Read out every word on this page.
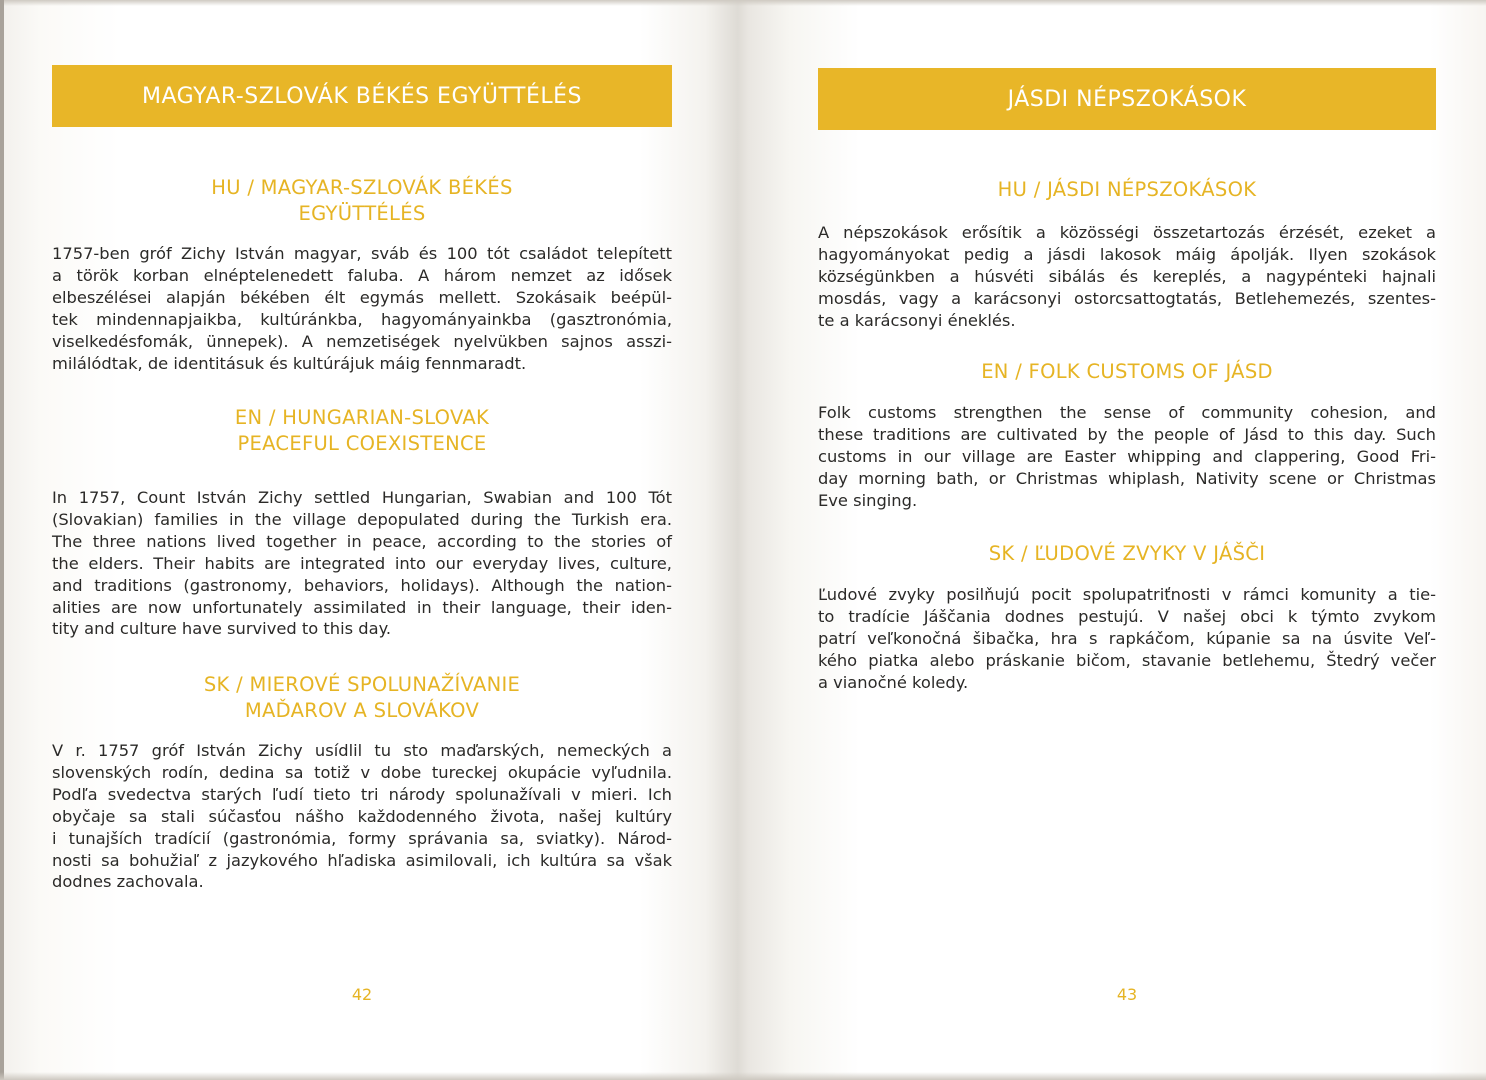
MAGYAR-SZLOVÁK BÉKÉS EGYÜTTÉLÉS
HU / MAGYAR-SZLOVÁK BÉKÉS
EGYÜTTÉLÉS
1757-ben gróf Zichy István magyar, sváb és 100 tót családot telepített
a török korban elnéptelenedett faluba. A három nemzet az idősek
elbeszélései alapján békében élt egymás mellett. Szokásaik beépül-
tek mindennapjaikba, kultúránkba, hagyományainkba (gasztronómia,
viselkedésfomák, ünnepek). A nemzetiségek nyelvükben sajnos asszi-
milálódtak, de identitásuk és kultúrájuk máig fennmaradt.
EN / HUNGARIAN-SLOVAK
PEACEFUL COEXISTENCE
In 1757, Count István Zichy settled Hungarian, Swabian and 100 Tót
(Slovakian) families in the village depopulated during the Turkish era.
The three nations lived together in peace, according to the stories of
the elders. Their habits are integrated into our everyday lives, culture,
and traditions (gastronomy, behaviors, holidays). Although the nation-
alities are now unfortunately assimilated in their language, their iden-
tity and culture have survived to this day.
SK / MIEROVÉ SPOLUNAŽÍVANIE
MAĎAROV A SLOVÁKOV
V r. 1757 gróf István Zichy usídlil tu sto maďarských, nemeckých a
slovenských rodín, dedina sa totiž v dobe tureckej okupácie vyľudnila.
Podľa svedectva starých ľudí tieto tri národy spolunažívali v mieri. Ich
obyčaje sa stali súčasťou nášho každodenného života, našej kultúry
i tunajších tradícií (gastronómia, formy správania sa, sviatky). Národ-
nosti sa bohužiaľ z jazykového hľadiska asimilovali, ich kultúra sa však
dodnes zachovala.
42
JÁSDI NÉPSZOKÁSOK
HU / JÁSDI NÉPSZOKÁSOK
A népszokások erősítik a közösségi összetartozás érzését, ezeket a
hagyományokat pedig a jásdi lakosok máig ápolják. Ilyen szokások
községünkben a húsvéti sibálás és kereplés, a nagypénteki hajnali
mosdás, vagy a karácsonyi ostorcsattogtatás, Betlehemezés, szentes-
te a karácsonyi éneklés.
EN / FOLK CUSTOMS OF JÁSD
Folk customs strengthen the sense of community cohesion, and
these traditions are cultivated by the people of Jásd to this day. Such
customs in our village are Easter whipping and clappering, Good Fri-
day morning bath, or Christmas whiplash, Nativity scene or Christmas
Eve singing.
SK / ĽUDOVÉ ZVYKY V JÁŠČI
Ľudové zvyky posilňujú pocit spolupatriťnosti v rámci komunity a tie-
to tradície Jáščania dodnes pestujú. V našej obci k týmto zvykom
patrí veľkonočná šibačka, hra s rapkáčom, kúpanie sa na úsvite Veľ-
kého piatka alebo práskanie bičom, stavanie betlehemu, Štedrý večer
a vianočné koledy.
43
